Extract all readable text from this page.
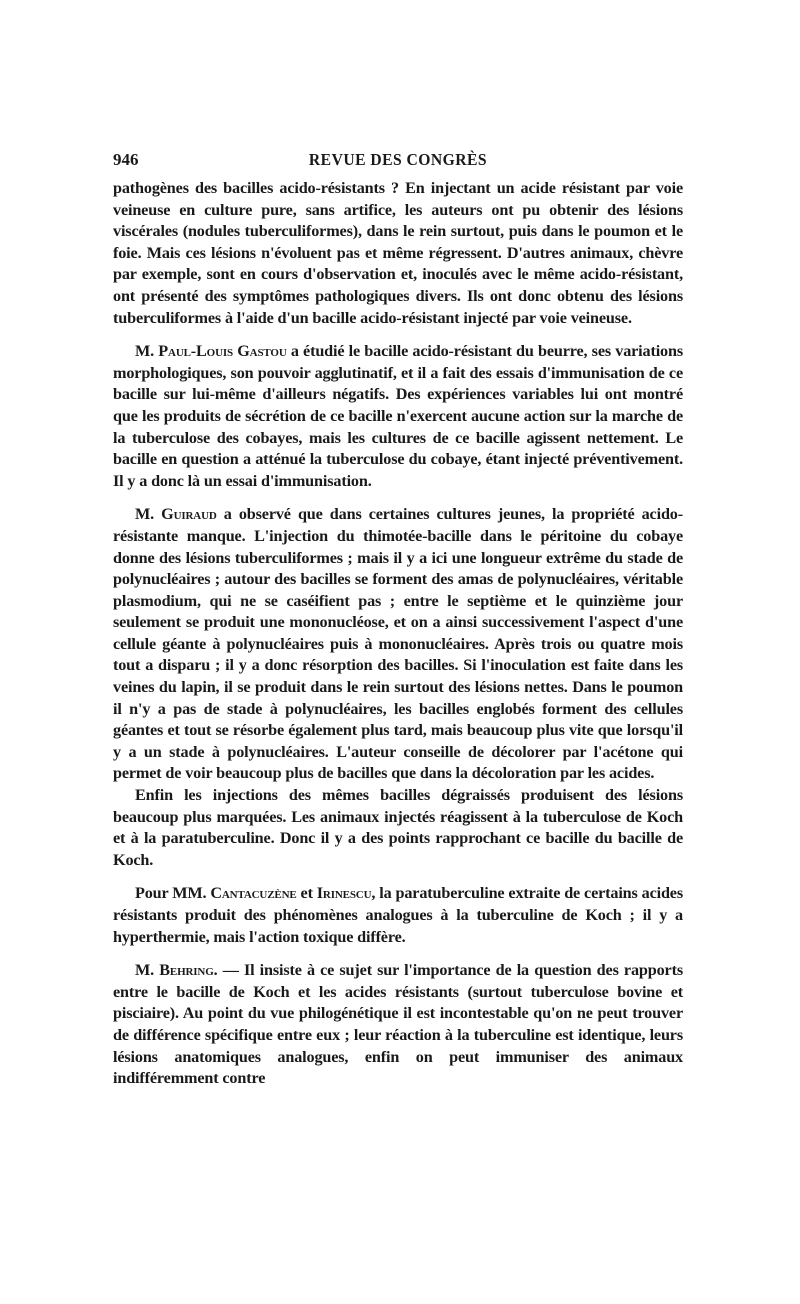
946	REVUE DES CONGRÈS

pathogènes des bacilles acido-résistants ? En injectant un acide résistant par voie veineuse en culture pure, sans artifice, les auteurs ont pu obtenir des lésions viscérales (nodules tuberculiformes), dans le rein surtout, puis dans le poumon et le foie. Mais ces lésions n'évoluent pas et même régressent. D'autres animaux, chèvre par exemple, sont en cours d'observation et, inoculés avec le même acido-résistant, ont présenté des symptômes pathologiques divers. Ils ont donc obtenu des lésions tuberculiformes à l'aide d'un bacille acido-résistant injecté par voie veineuse.

M. Paul-Louis Gastou a étudié le bacille acido-résistant du beurre, ses variations morphologiques, son pouvoir agglutinatif, et il a fait des essais d'immunisation de ce bacille sur lui-même d'ailleurs négatifs. Des expériences variables lui ont montré que les produits de sécrétion de ce bacille n'exercent aucune action sur la marche de la tuberculose des cobayes, mais les cultures de ce bacille agissent nettement. Le bacille en question a atténué la tuberculose du cobaye, étant injecté préventivement. Il y a donc là un essai d'immunisation.

M. Guiraud a observé que dans certaines cultures jeunes, la propriété acido-résistante manque. L'injection du thimotée-bacille dans le péritoine du cobaye donne des lésions tuberculiformes ; mais il y a ici une longueur extrême du stade de polynucléaires ; autour des bacilles se forment des amas de polynucléaires, véritable plasmodium, qui ne se caséifient pas ; entre le septième et le quinzième jour seulement se produit une mononucléose, et on a ainsi successivement l'aspect d'une cellule géante à polynucléaires puis à mononucléaires. Après trois ou quatre mois tout a disparu ; il y a donc résorption des bacilles. Si l'inoculation est faite dans les veines du lapin, il se produit dans le rein surtout des lésions nettes. Dans le poumon il n'y a pas de stade à polynucléaires, les bacilles englobés forment des cellules géantes et tout se résorbe également plus tard, mais beaucoup plus vite que lorsqu'il y a un stade à polynucléaires. L'auteur conseille de décolorer par l'acétone qui permet de voir beaucoup plus de bacilles que dans la décoloration par les acides.

Enfin les injections des mêmes bacilles dégraissés produisent des lésions beaucoup plus marquées. Les animaux injectés réagissent à la tuberculose de Koch et à la paratuberculine. Donc il y a des points rapprochant ce bacille du bacille de Koch.

Pour MM. Cantacuzène et Irinescu, la paratuberculine extraite de certains acides résistants produit des phénomènes analogues à la tuberculine de Koch ; il y a hyperthermie, mais l'action toxique diffère.

M. Behring. — Il insiste à ce sujet sur l'importance de la question des rapports entre le bacille de Koch et les acides résistants (surtout tuberculose bovine et pisciaire). Au point du vue philogénétique il est incontestable qu'on ne peut trouver de différence spécifique entre eux ; leur réaction à la tuberculine est identique, leurs lésions anatomiques analogues, enfin on peut immuniser des animaux indifféremment contre
